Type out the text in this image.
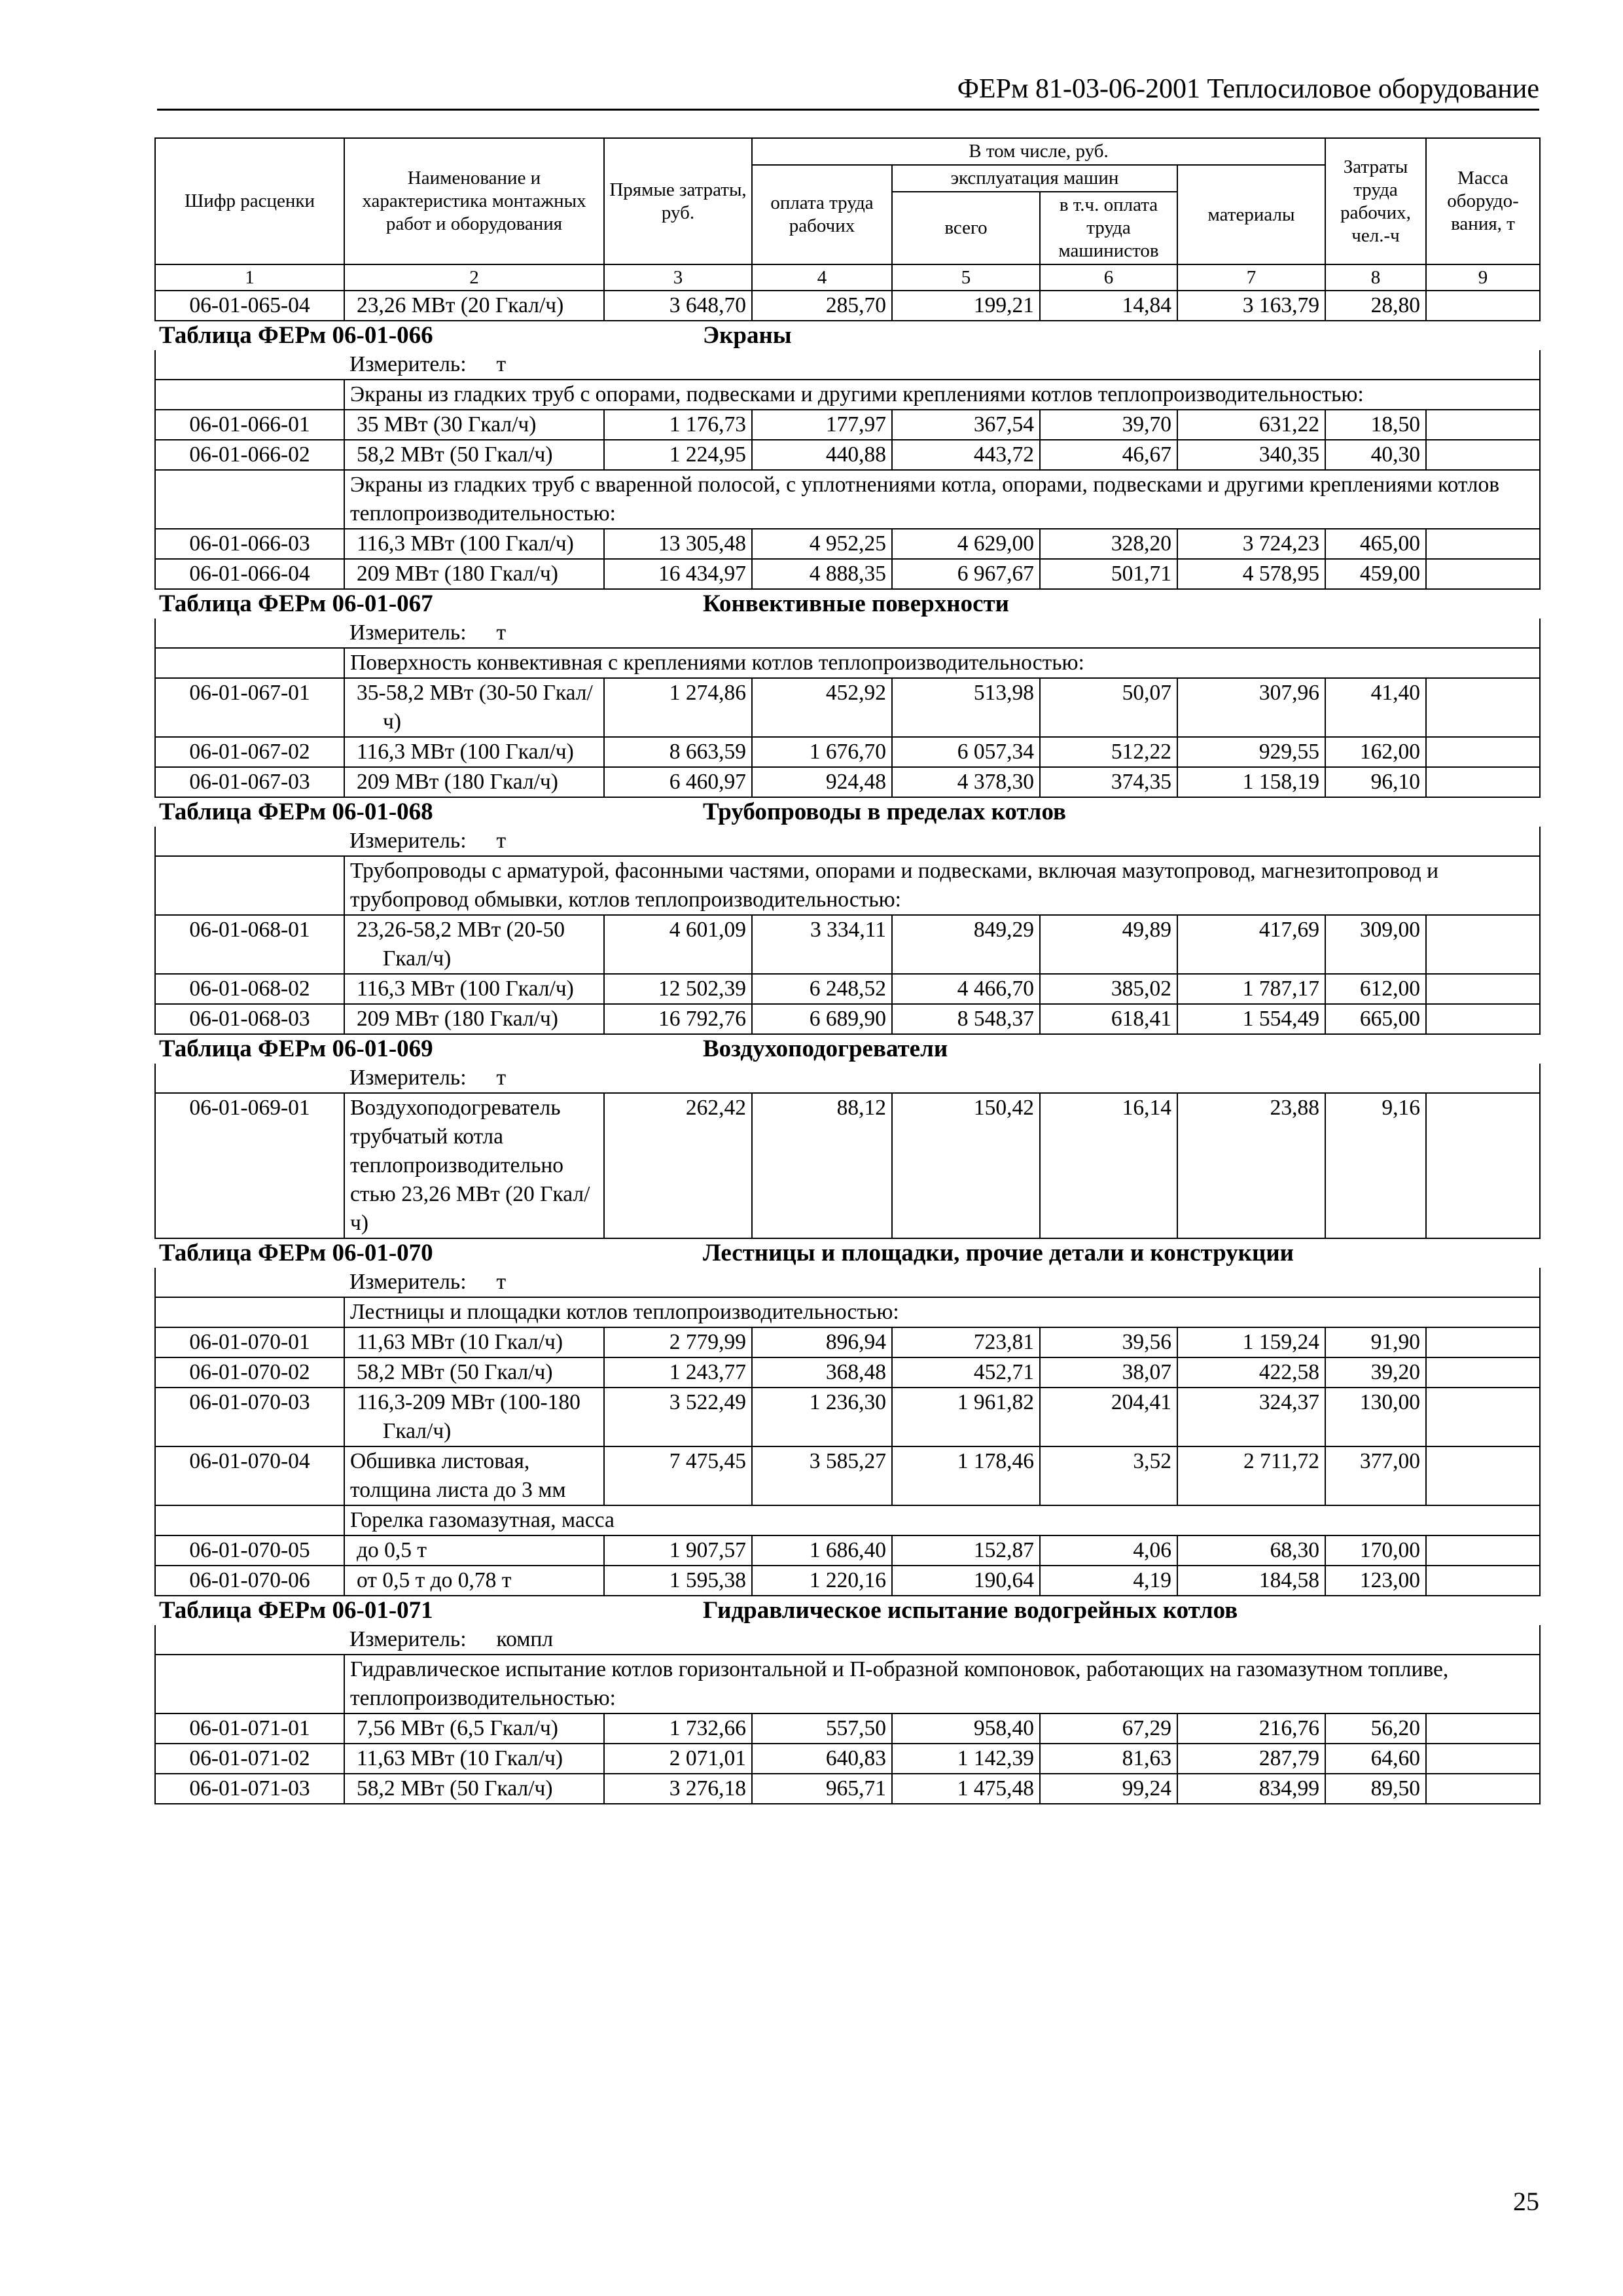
ФЕРм 81-03-06-2001 Теплосиловое оборудование
Шифр расценки	Наименование и характеристика монтажных работ и оборудования	Прямые затраты, руб.	В том числе, руб.				Затраты труда рабочих, чел.-ч	Масса оборудо-вания, т
			оплата труда рабочих	эксплуатация машин		материалы		
				всего	в т.ч. оплата труда машинистов			
1	2	3	4	5	6	7	8	9
06-01-065-04	23,26 МВт (20 Гкал/ч)	3 648,70	285,70	199,21	14,84	3 163,79	28,80	
Таблица ФЕРм 06-01-066 Экраны								

Измеритель: т								
	Экраны из гладких труб с опорами, подвесками и другими креплениями котлов теплопроизводительностью:							
06-01-066-01	35 МВт (30 Гкал/ч)	1 176,73	177,97	367,54	39,70	631,22	18,50	
06-01-066-02	58,2 МВт (50 Гкал/ч)	1 224,95	440,88	443,72	46,67	340,35	40,30	
	Экраны из гладких труб с вваренной полосой, с уплотнениями котла, опорами, подвесками и другими креплениями котлов теплопроизводительностью:							
06-01-066-03	116,3 МВт (100 Гкал/ч)	13 305,48	4 952,25	4 629,00	328,20	3 724,23	465,00	
06-01-066-04	209 МВт (180 Гкал/ч)	16 434,97	4 888,35	6 967,67	501,71	4 578,95	459,00	
Таблица ФЕРм 06-01-067 Конвективные поверхности								

Измеритель: т								
	Поверхность конвективная с креплениями котлов теплопроизводительностью:							
06-01-067-01	35-58,2 МВт (30-50 Гкал/ч)	1 274,86	452,92	513,98	50,07	307,96	41,40	
06-01-067-02	116,3 МВт (100 Гкал/ч)	8 663,59	1 676,70	6 057,34	512,22	929,55	162,00	
06-01-067-03	209 МВт (180 Гкал/ч)	6 460,97	924,48	4 378,30	374,35	1 158,19	96,10	
Таблица ФЕРм 06-01-068 Трубопроводы в пределах котлов								

Измеритель: т								
	Трубопроводы с арматурой, фасонными частями, опорами и подвесками, включая мазутопровод, магнезитопровод и трубопровод обмывки, котлов теплопроизводительностью:							
06-01-068-01	23,26-58,2 МВт (20-50 Гкал/ч)	4 601,09	3 334,11	849,29	49,89	417,69	309,00	
06-01-068-02	116,3 МВт (100 Гкал/ч)	12 502,39	6 248,52	4 466,70	385,02	1 787,17	612,00	
06-01-068-03	209 МВт (180 Гкал/ч)	16 792,76	6 689,90	8 548,37	618,41	1 554,49	665,00	
Таблица ФЕРм 06-01-069 Воздухоподогреватели								

Измеритель: т								
06-01-069-01	Воздухоподогреватель трубчатый котла теплопроизводительно стью 23,26 МВт (20 Гкал/ч)	262,42	88,12	150,42	16,14	23,88	9,16	
Таблица ФЕРм 06-01-070 Лестницы и площадки, прочие детали и конструкции								

Измеритель: т								
	Лестницы и площадки котлов теплопроизводительностью:							
06-01-070-01	11,63 МВт (10 Гкал/ч)	2 779,99	896,94	723,81	39,56	1 159,24	91,90	
06-01-070-02	58,2 МВт (50 Гкал/ч)	1 243,77	368,48	452,71	38,07	422,58	39,20	
06-01-070-03	116,3-209 МВт (100-180 Гкал/ч)	3 522,49	1 236,30	1 961,82	204,41	324,37	130,00	
06-01-070-04	Обшивка листовая, толщина листа до 3 мм	7 475,45	3 585,27	1 178,46	3,52	2 711,72	377,00	
	Горелка газомазутная, масса							
06-01-070-05	до 0,5 т	1 907,57	1 686,40	152,87	4,06	68,30	170,00	
06-01-070-06	от 0,5 т до 0,78 т	1 595,38	1 220,16	190,64	4,19	184,58	123,00	
Таблица ФЕРм 06-01-071 Гидравлическое испытание водогрейных котлов								

Измеритель: компл								
	Гидравлическое испытание котлов горизонтальной и П-образной компоновок, работающих на газомазутном топливе, теплопроизводительностью:							
06-01-071-01	7,56 МВт (6,5 Гкал/ч)	1 732,66	557,50	958,40	67,29	216,76	56,20	
06-01-071-02	11,63 МВт (10 Гкал/ч)	2 071,01	640,83	1 142,39	81,63	287,79	64,60	
06-01-071-03	58,2 МВт (50 Гкал/ч)	3 276,18	965,71	1 475,48	99,24	834,99	89,50	
25
